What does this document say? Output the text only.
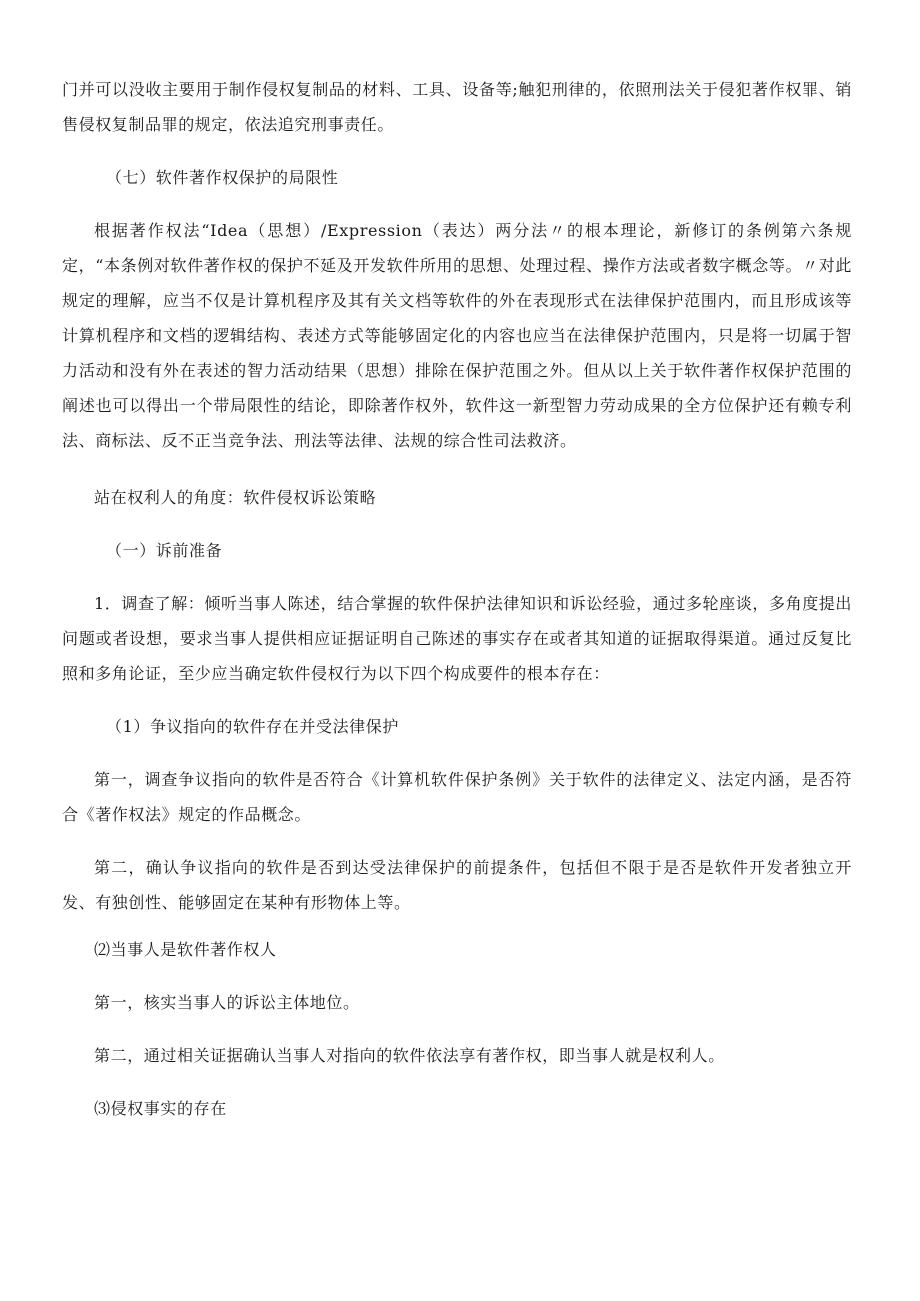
门并可以没收主要用于制作侵权复制品的材料、工具、设备等;触犯刑律的，依照刑法关于侵犯著作权罪、销售侵权复制品罪的规定，依法追究刑事责任。

（七）软件著作权保护的局限性

根据著作权法“Idea（思想）/Expression（表达）两分法〃的根本理论，新修订的条例第六条规定，“本条例对软件著作权的保护不延及开发软件所用的思想、处理过程、操作方法或者数字概念等。〃对此规定的理解，应当不仅是计算机程序及其有关文档等软件的外在表现形式在法律保护范围内，而且形成该等计算机程序和文档的逻辑结构、表述方式等能够固定化的内容也应当在法律保护范围内，只是将一切属于智力活动和没有外在表述的智力活动结果（思想）排除在保护范围之外。但从以上关于软件著作权保护范围的阐述也可以得出一个带局限性的结论，即除著作权外，软件这一新型智力劳动成果的全方位保护还有赖专利法、商标法、反不正当竞争法、刑法等法律、法规的综合性司法救济。

站在权利人的角度：软件侵权诉讼策略

（一）诉前准备

1．调查了解：倾听当事人陈述，结合掌握的软件保护法律知识和诉讼经验，通过多轮座谈，多角度提出问题或者设想，要求当事人提供相应证据证明自己陈述的事实存在或者其知道的证据取得渠道。通过反复比照和多角论证，至少应当确定软件侵权行为以下四个构成要件的根本存在：

（1）争议指向的软件存在并受法律保护

第一，调查争议指向的软件是否符合《计算机软件保护条例》关于软件的法律定义、法定内涵，是否符合《著作权法》规定的作品概念。

第二，确认争议指向的软件是否到达受法律保护的前提条件，包括但不限于是否是软件开发者独立开发、有独创性、能够固定在某种有形物体上等。

⑵当事人是软件著作权人

第一，核实当事人的诉讼主体地位。

第二，通过相关证据确认当事人对指向的软件依法享有著作权，即当事人就是权利人。

⑶侵权事实的存在
